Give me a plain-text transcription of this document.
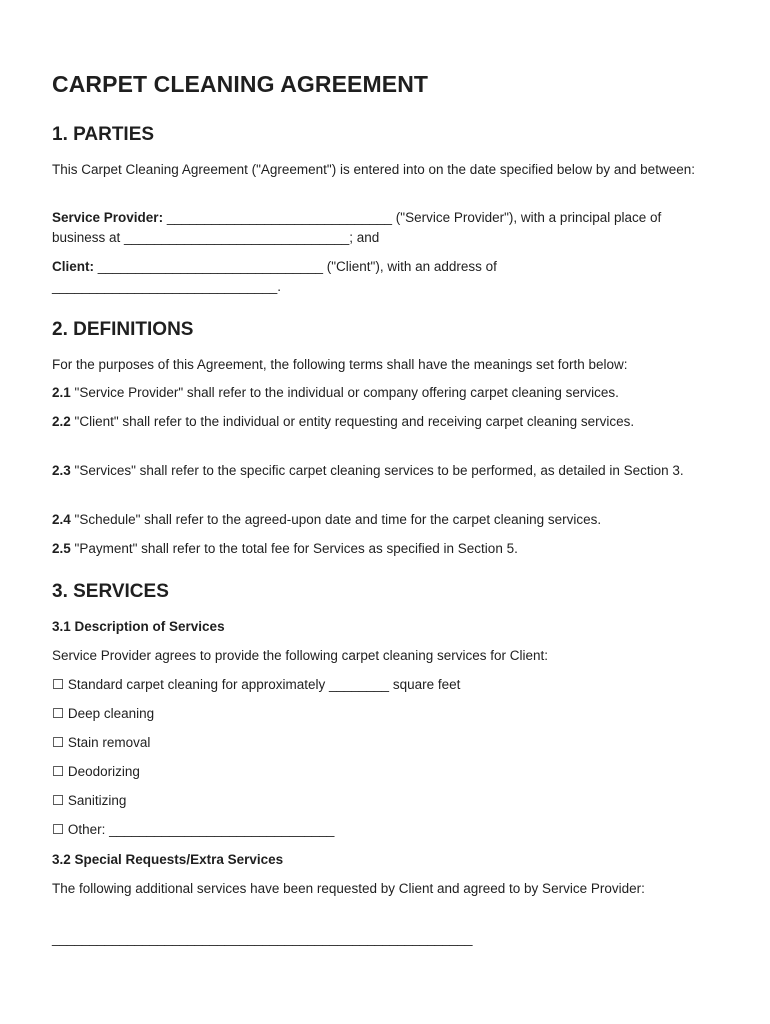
CARPET CLEANING AGREEMENT
1. PARTIES

This Carpet Cleaning Agreement ("Agreement") is entered into on the date specified below by and between:

Service Provider: ______________________________ ("Service Provider"), with a principal place of business at ______________________________; and

Client: ______________________________ ("Client"), with an address of ______________________________.

2. DEFINITIONS

For the purposes of this Agreement, the following terms shall have the meanings set forth below:

2.1 "Service Provider" shall refer to the individual or company offering carpet cleaning services.

2.2 "Client" shall refer to the individual or entity requesting and receiving carpet cleaning services.

2.3 "Services" shall refer to the specific carpet cleaning services to be performed, as detailed in Section 3.

2.4 "Schedule" shall refer to the agreed-upon date and time for the carpet cleaning services.

2.5 "Payment" shall refer to the total fee for Services as specified in Section 5.

3. SERVICES
3.1 Description of Services

Service Provider agrees to provide the following carpet cleaning services for Client:

☐ Standard carpet cleaning for approximately ________ square feet

☐ Deep cleaning

☐ Stain removal

☐ Deodorizing

☐ Sanitizing

☐ Other: ______________________________

3.2 Special Requests/Extra Services

The following additional services have been requested by Client and agreed to by Service Provider:

________________________________________________________
